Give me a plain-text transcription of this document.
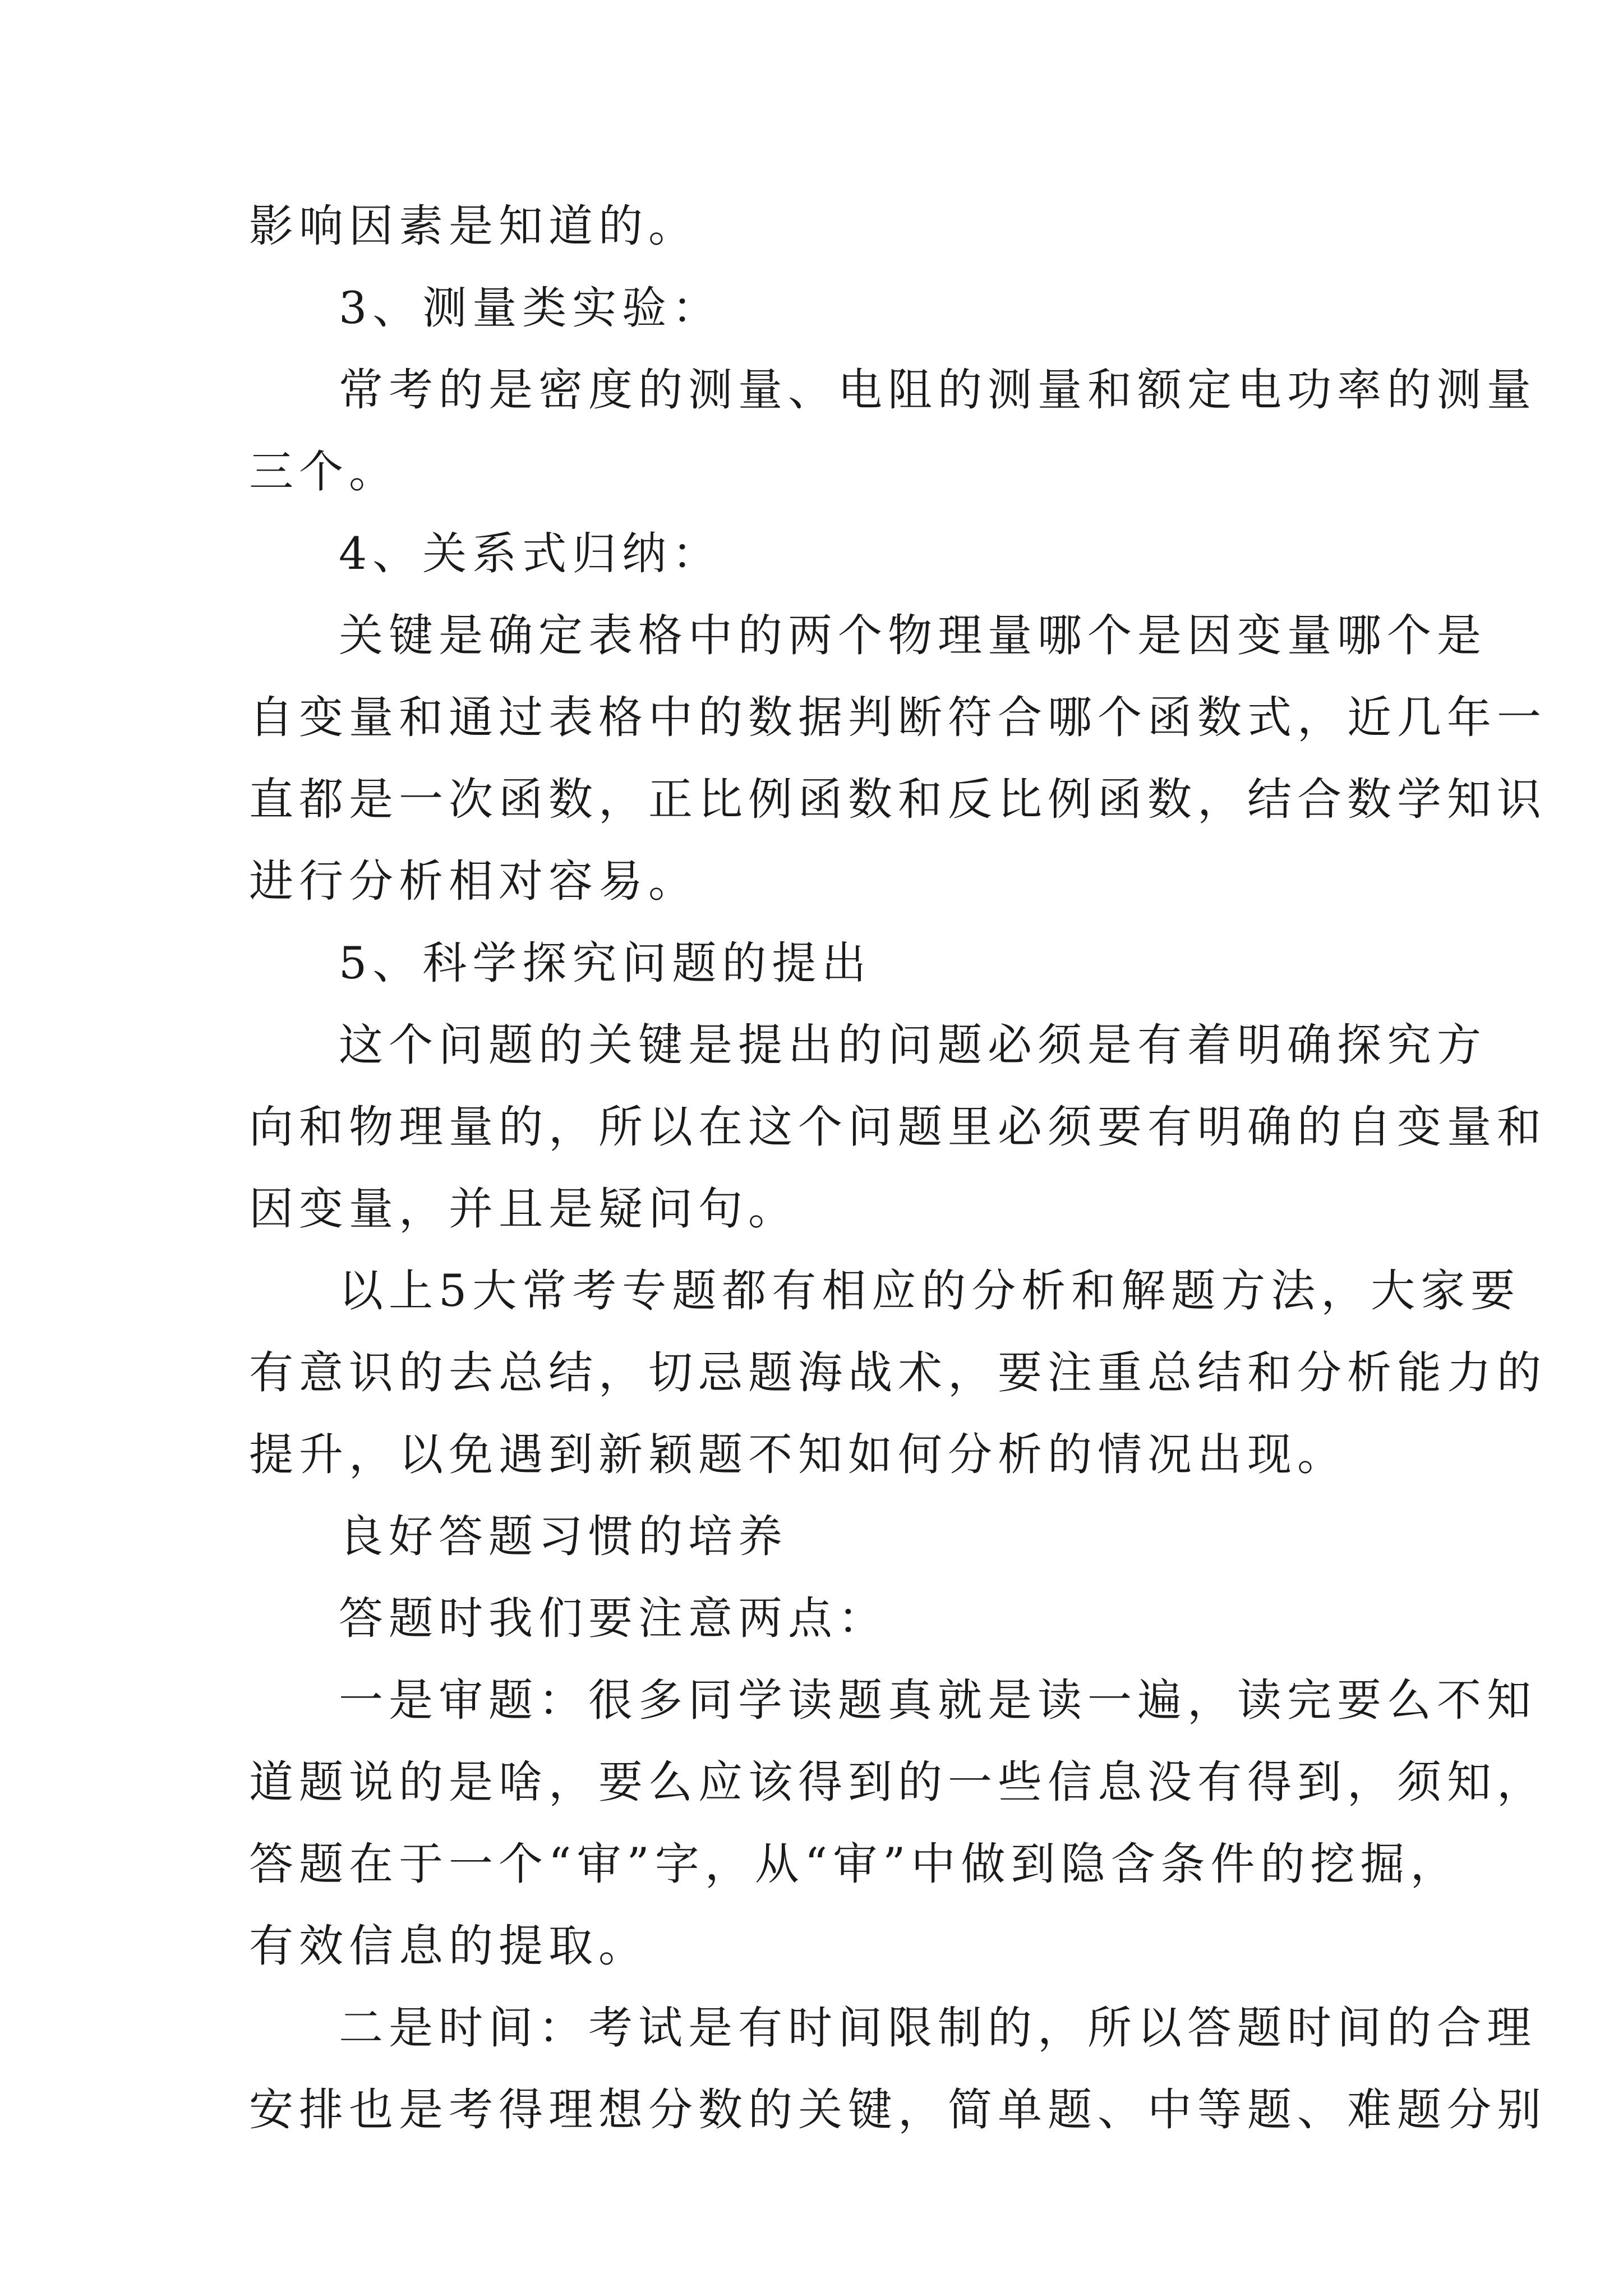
影响因素是知道的。
3、测量类实验：
常考的是密度的测量、电阻的测量和额定电功率的测量
三个。
4、关系式归纳：
关键是确定表格中的两个物理量哪个是因变量哪个是
自变量和通过表格中的数据判断符合哪个函数式，近几年一
直都是一次函数，正比例函数和反比例函数，结合数学知识
进行分析相对容易。
5、科学探究问题的提出
这个问题的关键是提出的问题必须是有着明确探究方
向和物理量的，所以在这个问题里必须要有明确的自变量和
因变量，并且是疑问句。
以上5大常考专题都有相应的分析和解题方法，大家要
有意识的去总结，切忌题海战术，要注重总结和分析能力的
提升，以免遇到新颖题不知如何分析的情况出现。
良好答题习惯的培养
答题时我们要注意两点：
一是审题：很多同学读题真就是读一遍，读完要么不知
道题说的是啥，要么应该得到的一些信息没有得到，须知，
答题在于一个“审”字，从“审”中做到隐含条件的挖掘，
有效信息的提取。
二是时间：考试是有时间限制的，所以答题时间的合理
安排也是考得理想分数的关键，简单题、中等题、难题分别
